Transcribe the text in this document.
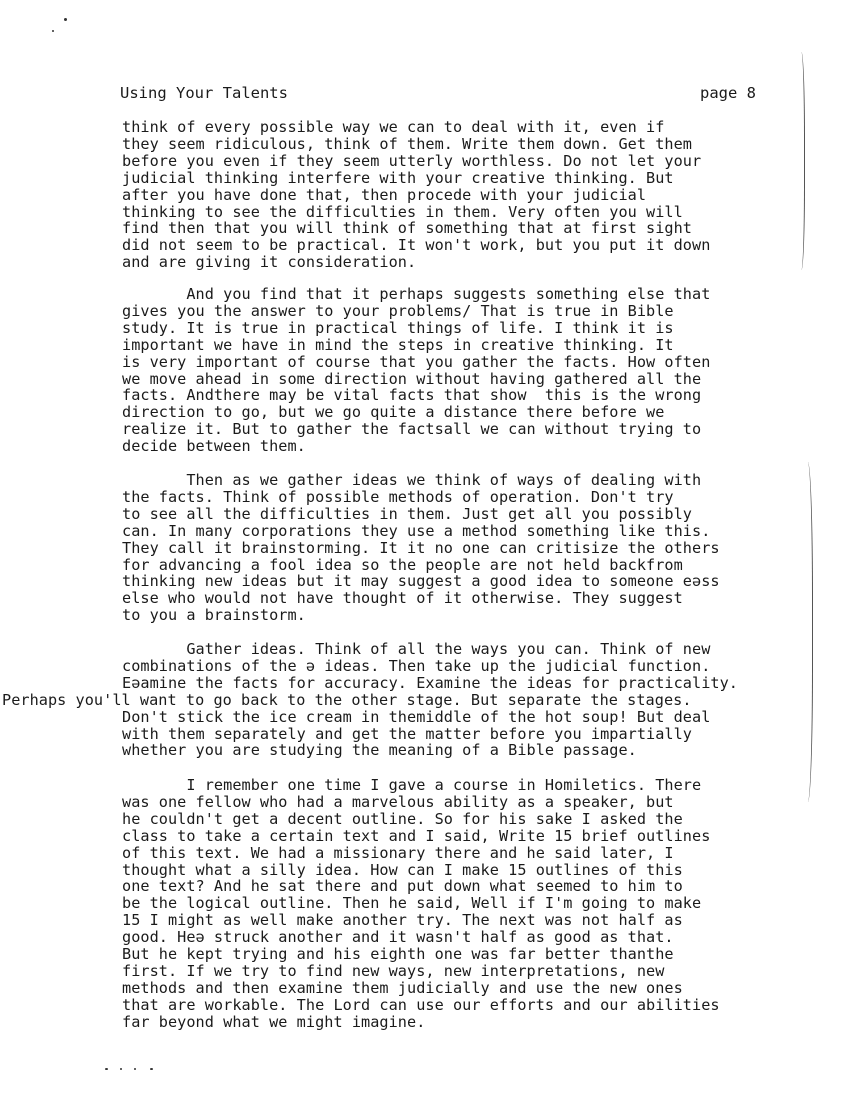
Using Your Talents	page 8
think of every possible way we can to deal with it, even if
they seem ridiculous, think of them. Write them down. Get them
before you even if they seem utterly worthless. Do not let your
judicial thinking interfere with your creative thinking. But
after you have done that, then procede with your judicial
thinking to see the difficulties in them. Very often you will
find then that you will think of something that at first sight
did not seem to be practical. It won't work, but you put it down
and are giving it consideration.
And you find that it perhaps suggests something else that
gives you the answer to your problems/ That is true in Bible
study. It is true in practical things of life. I think it is
important we have in mind the steps in creative thinking. It
is very important of course that you gather the facts. How often
we move ahead in some direction without having gathered all the
facts. Andthere may be vital facts that show  this is the wrong
direction to go, but we go quite a distance there before we
realize it. But to gather the factsall we can without trying to
decide between them.
Then as we gather ideas we think of ways of dealing with
the facts. Think of possible methods of operation. Don't try
to see all the difficulties in them. Just get all you possibly
can. In many corporations they use a method something like this.
They call it brainstorming. It it no one can critisize the others
for advancing a fool idea so the people are not held backfrom
thinking new ideas but it may suggest a good idea to someone eǝss
else who would not have thought of it otherwise. They suggest
to you a brainstorm.
Gather ideas. Think of all the ways you can. Think of new
combinations of the ǝ ideas. Then take up the judicial function.
Eǝamine the facts for accuracy. Examine the ideas for practicality.
Perhaps you'll want to go back to the other stage. But separate the stages.
Don't stick the ice cream in themiddle of the hot soup! But deal
with them separately and get the matter before you impartially
whether you are studying the meaning of a Bible passage.
I remember one time I gave a course in Homiletics. There
was one fellow who had a marvelous ability as a speaker, but
he couldn't get a decent outline. So for his sake I asked the
class to take a certain text and I said, Write 15 brief outlines
of this text. We had a missionary there and he said later, I
thought what a silly idea. How can I make 15 outlines of this
one text? And he sat there and put down what seemed to him to
be the logical outline. Then he said, Well if I'm going to make
15 I might as well make another try. The next was not half as
good. Heǝ struck another and it wasn't half as good as that.
But he kept trying and his eighth one was far better thanthe
first. If we try to find new ways, new interpretations, new
methods and then examine them judicially and use the new ones
that are workable. The Lord can use our efforts and our abilities
far beyond what we might imagine.
